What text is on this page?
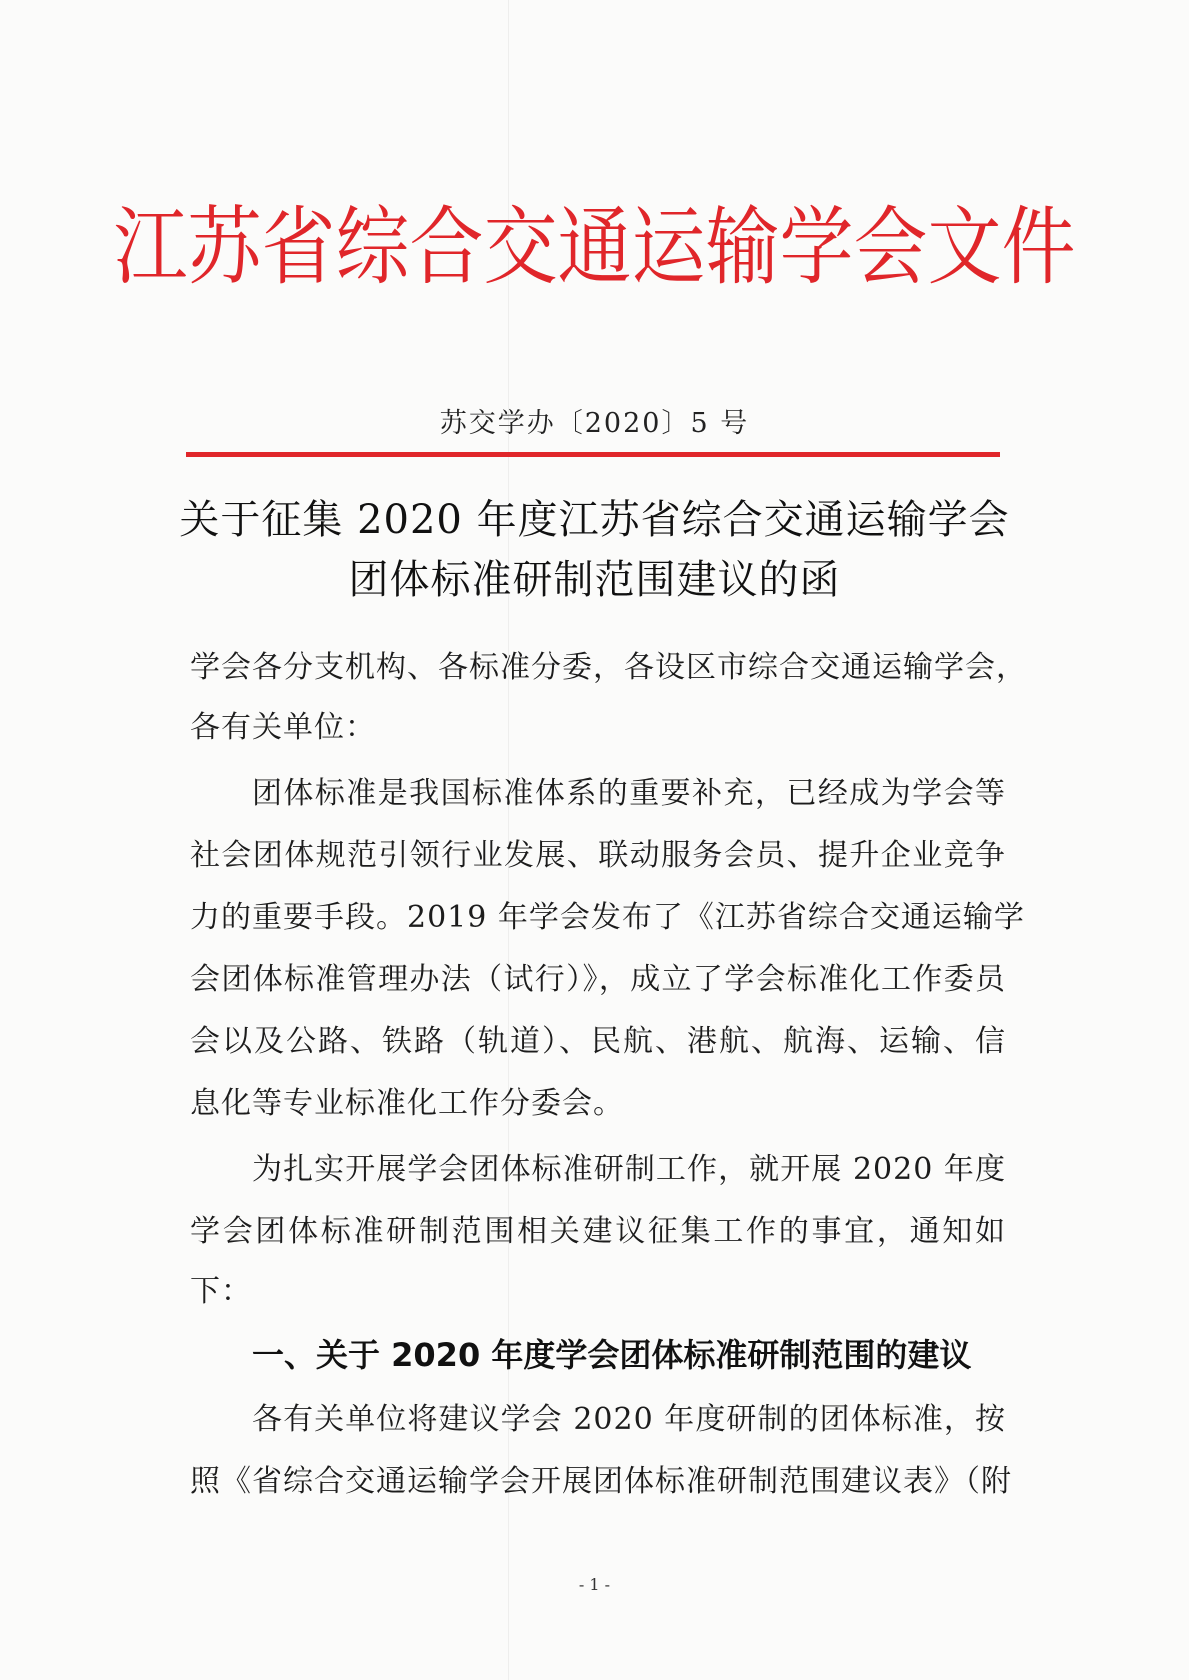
江苏省综合交通运输学会文件
苏交学办〔2020〕5 号
关于征集 2020 年度江苏省综合交通运输学会
团体标准研制范围建议的函
学会各分支机构、各标准分委，各设区市综合交通运输学会，
各有关单位：
团体标准是我国标准体系的重要补充，已经成为学会等
社会团体规范引领行业发展、联动服务会员、提升企业竞争
力的重要手段。2019 年学会发布了《江苏省综合交通运输学
会团体标准管理办法（试行）》，成立了学会标准化工作委员
会以及公路、铁路（轨道）、民航、港航、航海、运输、信
息化等专业标准化工作分委会。
为扎实开展学会团体标准研制工作，就开展 2020 年度
学会团体标准研制范围相关建议征集工作的事宜，通知如
下：
一、关于 2020 年度学会团体标准研制范围的建议
各有关单位将建议学会 2020 年度研制的团体标准，按
照《省综合交通运输学会开展团体标准研制范围建议表》（附
- 1 -
